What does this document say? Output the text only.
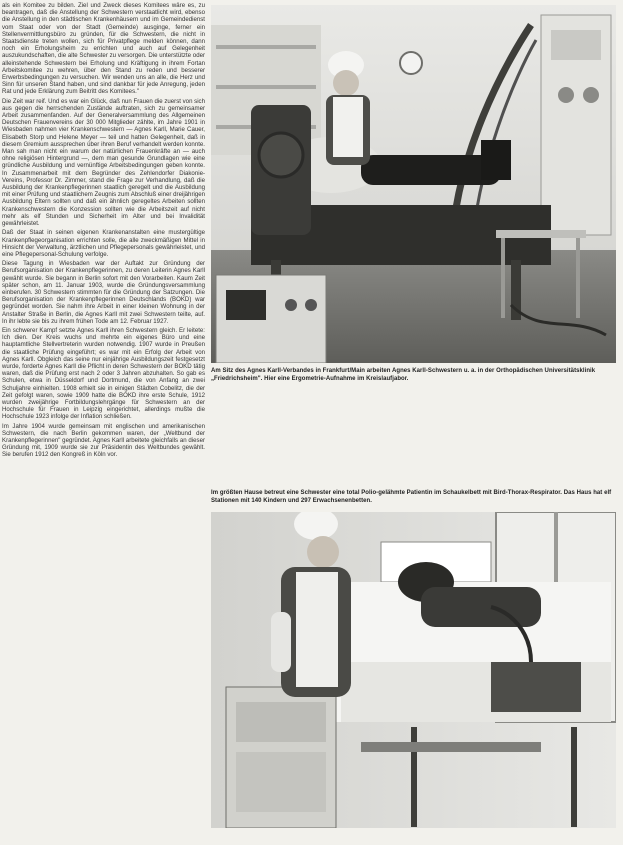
als ein Komitee zu bilden. Ziel und Zweck dieses Komitees wäre es, zu beantragen, daß die Anstellung der Schwestern verstaatlicht wird, ebenso die Anstellung in den städtischen Krankenhäusern und im Gemeindedienst vom Staat oder von der Stadt (Gemeinde) ausginge, ferner ein Stellenvermittlungsbüro zu gründen, für die Schwestern, die nicht in Staatsdienste treten wollen, sich für Privatpflege melden können, dann noch ein Erholungsheim zu errichten und auch auf Gelegenheit auszukundschaften, die alte Schwester zu versorgen. Die unterstützte oder alleinstehende Schwestern bei Erholung und Kräftigung in ihrem Fortan Arbeitskomitee zu wehren, über den Stand zu reden und besserer Erwerbsbedingungen zu versuchen. Wir wenden uns an alle, die Herz und Sinn für unseren Stand haben, und sind dankbar für jede Anregung, jeden Rat und jede Erklärung zum Beitritt des Komitees."

Die Zeit war reif. Und es war ein Glück, daß nun Frauen die zuerst von sich aus gegen die herrschenden Zustände auftraten, sich zu gemeinsamer Arbeit zusammenfanden. Auf der Generalversammlung des Allgemeinen Deutschen Frauenvereins der 30 000 Mitglieder zählte, im Jahre 1901 in Wiesbaden nahmen vier Krankenschwestern — Agnes Karll, Marie Cauer, Elisabeth Storp und Helene Meyer — teil und hatten Gelegenheit, daß in diesem Gremium aussprechen über ihren Beruf verhandelt werden konnte. Man sah man nicht ein warum der natürlichen Frauenkräfte an — auch ohne religiösen Hintergrund —, dem man gesunde Grundlagen wie eine gründliche Ausbildung und vernünftige Arbeitsbedingungen geben konnte. In Zusammenarbeit mit dem Begründer des Zehlendorfer Diakonie-Vereins, Professor Dr. Zimmer, stand die Frage zur Verhandlung, daß die Ausbildung der Krankenpflegerinnen staatlich geregelt und die Ausbildung mit einer Prüfung und staatlichem Zeugnis zum Abschluß einer dreijährigen Ausbildung Eltern sollten und daß ein ähnlich geregeltes Arbeiten sollten Krankenschwestern die Konzession sollten wie die Arbeitszeit auf nicht mehr als elf Stunden und Sicherheit im Alter und bei Invalidität gewährleistet.

Daß der Staat in seinen eigenen Krankenanstalten eine mustergültige Krankenpflegeorganisation errichten solle, die alle zweckmäßigen Mittel in Hinsicht der Verwaltung, ärztlichen und Pflegepersonals gewährleistet, und eine Pflegepersonal-Schulung verfolge.

Diese Tagung in Wiesbaden war der Auftakt zur Gründung der Berufsorganisation der Krankenpflegerinnen, zu deren Leiterin Agnes Karll gewählt wurde. Sie begann in Berlin sofort mit den Vorarbeiten. Kaum Zeit später schon, am 11. Januar 1903, wurde die Gründungsversammlung einberufen. 30 Schwestern stimmten für die Gründung der Satzungen. Die Berufsorganisation der Krankenpflegerinnen Deutschlands (BOKD) war gegründet worden. Sie nahm ihre Arbeit in einer kleinen Wohnung in der Anstalter Straße in Berlin, die Agnes Karll mit zwei Schwestern teilte, auf. In ihr lebte sie bis zu ihrem frühen Tode am 12. Februar 1927.

Ein schwerer Kampf setzte Agnes Karll ihren Schwestern gleich. Er leitete: Ich dien. Der Kreis wuchs und mehrte ein eigenes Büro und eine hauptamtliche Stellvertreterin wurden notwendig. 1907 wurde in Preußen die staatliche Prüfung eingeführt; es war mit ein Erfolg der Arbeit von Agnes Karll. Obgleich das seine nur einjährige Ausbildungszeit festgesetzt wurde, forderte Agnes Karll die Pflicht in deren Schwestern der BOKD tätig waren, daß die Prüfung erst nach 2 oder 3 Jahren abzuhalten. So gab es Schulen, etwa in Düsseldorf und Dortmund, die von Anfang an zwei Schuljahre einhielten. 1908 erhielt sie in einigen Städten Cobelitz, die der Zeit gefolgt waren, sowie 1909 hatte die BOKD ihre erste Schule, 1912 wurden zweijährige Fortbildungslehrgänge für Schwestern an der Hochschule für Frauen in Leipzig eingerichtet, allerdings mußte die Hochschule 1923 infolge der Inflation schließen.

Im Jahre 1904 wurde gemeinsam mit englischen und amerikanischen Schwestern, die nach Berlin gekommen waren, der „Weltbund der Krankenpflegerinnen" gegründet. Agnes Karll arbeitete gleichfalls an dieser Gründung mit, 1909 wurde sie zur Präsidentin des Weltbundes gewählt. Sie berufen 1912 den Kongreß in Köln vor.

Am Sitz des Agnes Karll-Verbandes in Frankfurt/Main arbeiten Agnes Karll-Schwestern u. a. in der Orthopädischen Universitätsklinik „Friedrichsheim". Hier eine Ergometrie-Aufnahme im Kreislaufjabor.
Im größten Hause betreut eine Schwester eine total Polio-gelähmte Patientin im Schaukelbett mit Bird-Thorax-Respirator. Das Haus hat elf Stationen mit 140 Kindern und 297 Erwachsenenbetten.
